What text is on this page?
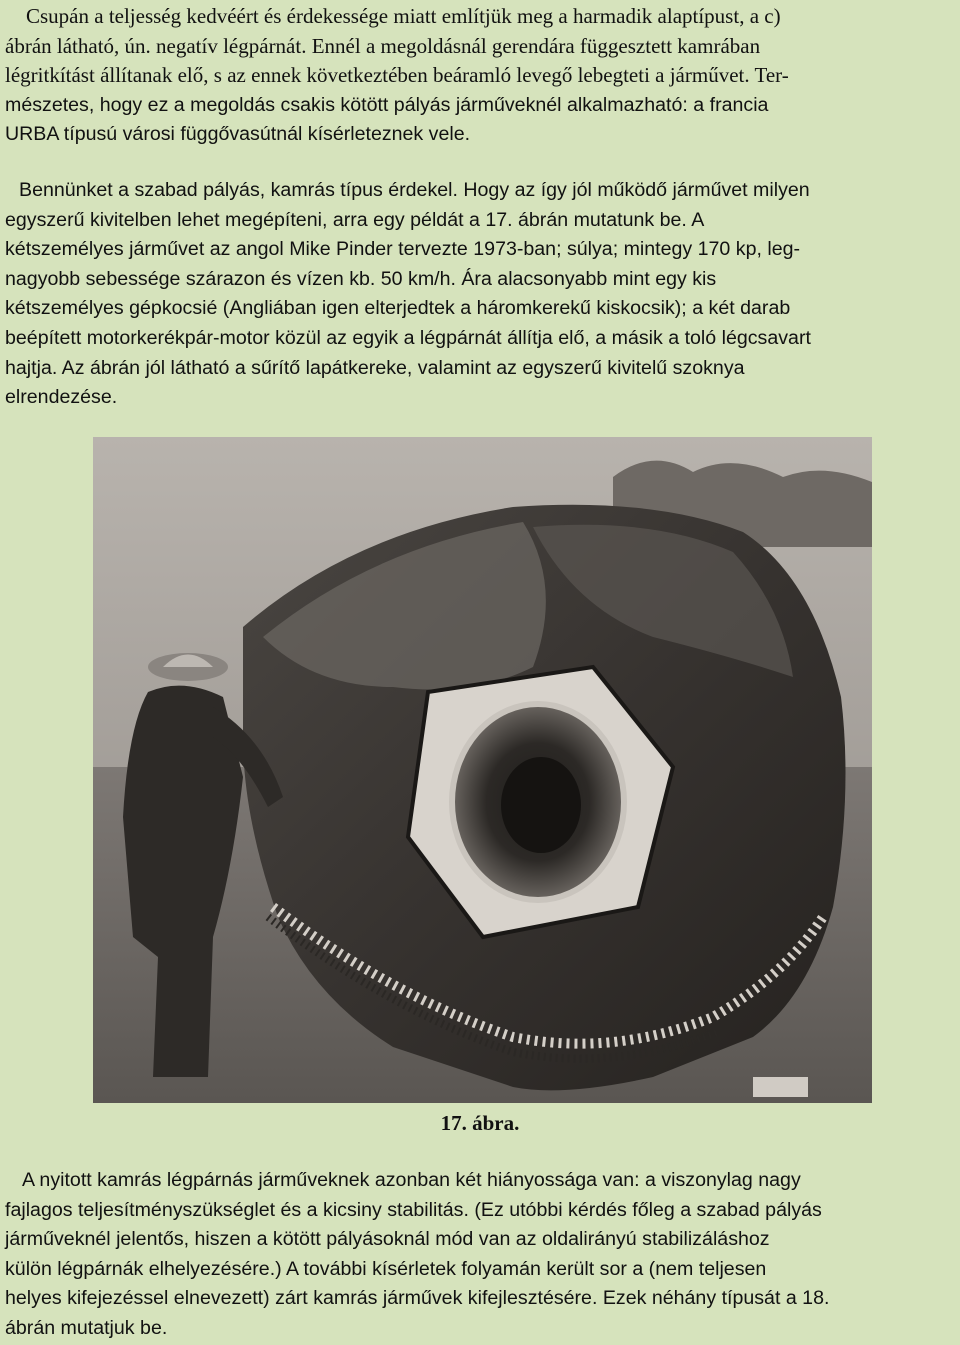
Csupán a teljesség kedvéért és érdekessége miatt említjük meg a harmadik alaptípust, a c)
ábrán látható, ún. negatív légpárnát. Ennél a megoldásnál gerendára függesztett kamrában
légritkítást állítanak elő, s az ennek következtében beáramló levegő lebegteti a járművet. Ter-
mészetes, hogy ez a megoldás csakis kötött pályás járműveknél alkalmazható: a francia
URBA típusú városi függővasútnál kísérleteznek vele.
Bennünket a szabad pályás, kamrás típus érdekel. Hogy az így jól működő járművet milyen
egyszerű kivitelben lehet megépíteni, arra egy példát a 17. ábrán mutatunk be. A
kétszemélyes járművet az angol Mike Pinder tervezte 1973-ban; súlya; mintegy 170 kp, leg-
nagyobb sebessége szárazon és vízen kb. 50 km/h. Ára alacsonyabb mint egy kis
kétszemélyes gépkocsié (Angliában igen elterjedtek a háromkerekű kiskocsik); a két darab
beépített motorkerékpár-motor közül az egyik a légpárnát állítja elő, a másik a toló légcsavart
hajtja. Az ábrán jól látható a sűrítő lapátkereke, valamint az egyszerű kivitelű szoknya
elrendezése.
17. ábra.
A nyitott kamrás légpárnás járműveknek azonban két hiányossága van: a viszonylag nagy
fajlagos teljesítményszükséglet és a kicsiny stabilitás. (Ez utóbbi kérdés főleg a szabad pályás
járműveknél jelentős, hiszen a kötött pályásoknál mód van az oldalirányú stabilizáláshoz
külön légpárnák elhelyezésére.) A további kísérletek folyamán került sor a (nem teljesen
helyes kifejezéssel elnevezett) zárt kamrás járművek kifejlesztésére. Ezek néhány típusát a 18.
ábrán mutatjuk be.
